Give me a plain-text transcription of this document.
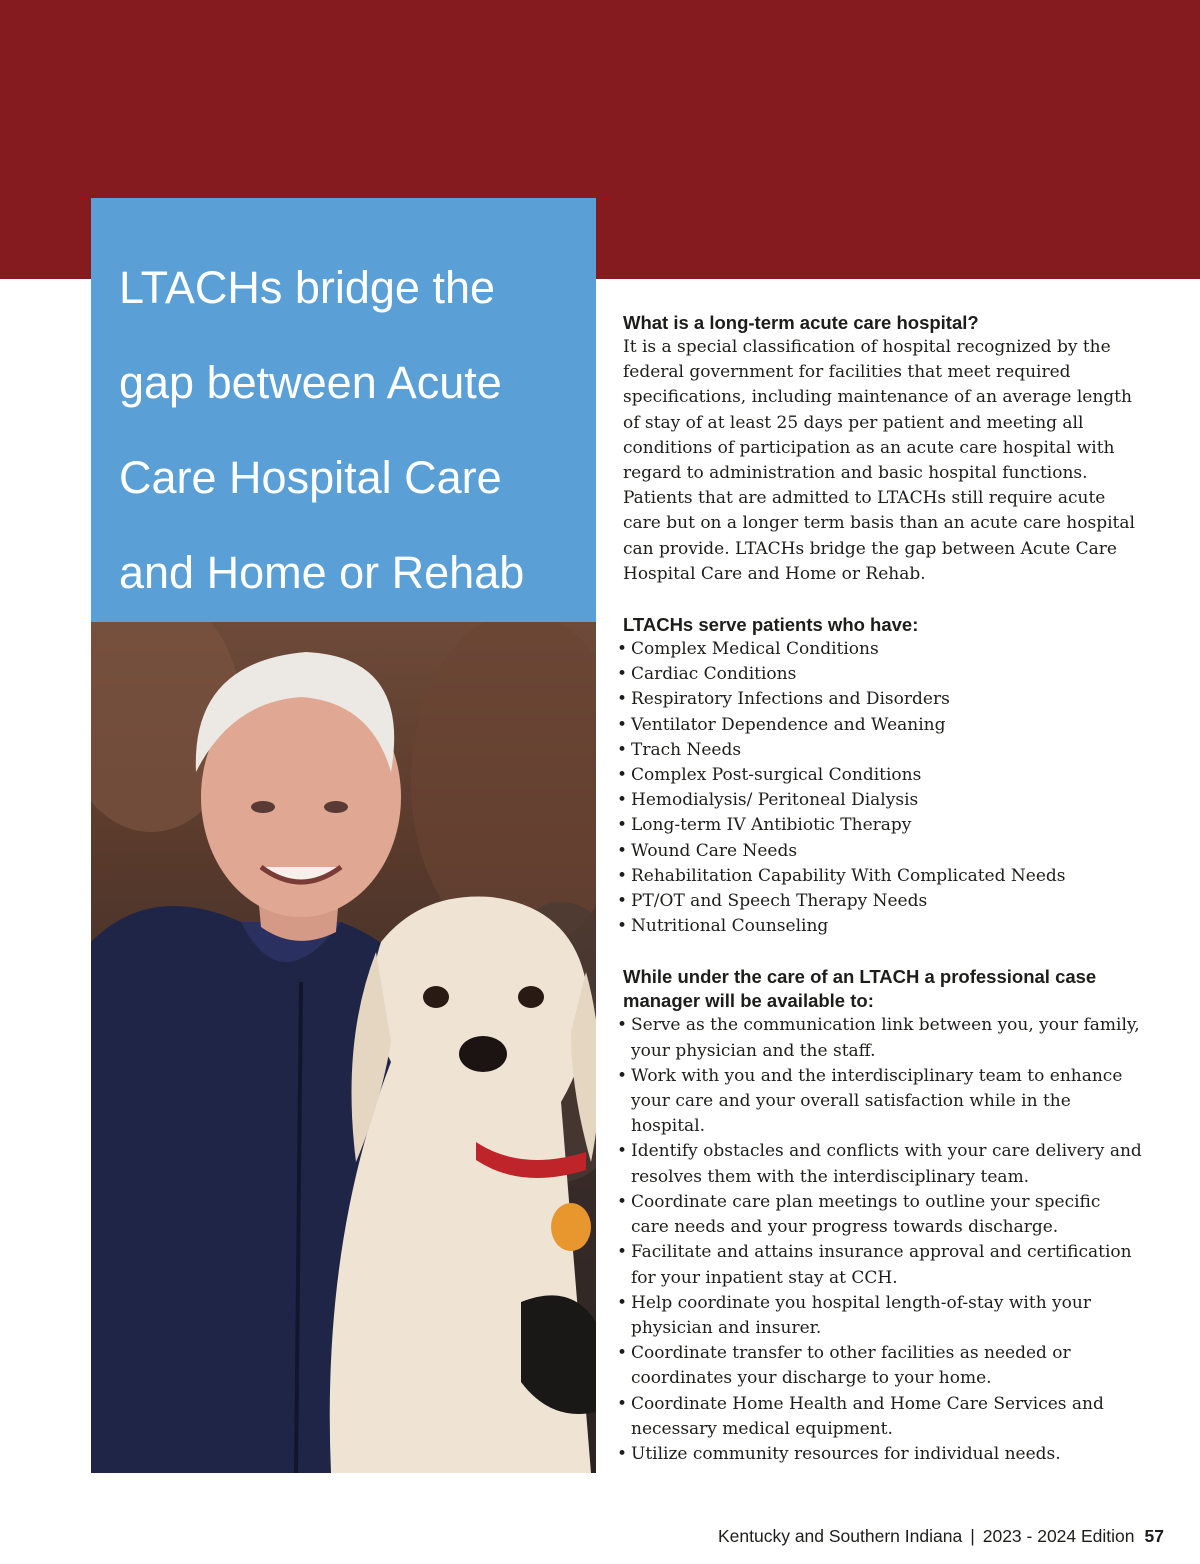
LTACHs bridge the gap between Acute Care Hospital Care and Home or Rehab
What is a long-term acute care hospital?

It is a special classification of hospital recognized by the federal government for facilities that meet required specifications, including maintenance of an average length of stay of at least 25 days per patient and meeting all conditions of participation as an acute care hospital with regard to administration and basic hospital functions. Patients that are admitted to LTACHs still require acute care but on a longer term basis than an acute care hospital can provide. LTACHs bridge the gap between Acute Care Hospital Care and Home or Rehab.

LTACHs serve patients who have:
• Complex Medical Conditions
• Cardiac Conditions
• Respiratory Infections and Disorders
• Ventilator Dependence and Weaning
• Trach Needs
• Complex Post-surgical Conditions
• Hemodialysis/ Peritoneal Dialysis
• Long-term IV Antibiotic Therapy
• Wound Care Needs
• Rehabilitation Capability With Complicated Needs
• PT/OT and Speech Therapy Needs
• Nutritional Counseling
While under the care of an LTACH a professional case manager will be available to:
• Serve as the communication link between you, your family, your physician and the staff.
• Work with you and the interdisciplinary team to enhance your care and your overall satisfaction while in the hospital.
• Identify obstacles and conflicts with your care delivery and resolves them with the interdisciplinary team.
• Coordinate care plan meetings to outline your specific care needs and your progress towards discharge.
• Facilitate and attains insurance approval and certification for your inpatient stay at CCH.
• Help coordinate you hospital length-of-stay with your physician and insurer.
• Coordinate transfer to other facilities as needed or coordinates your discharge to your home.
• Coordinate Home Health and Home Care Services and necessary medical equipment.
• Utilize community resources for individual needs.
Kentucky and Southern Indiana | 2023 - 2024 Edition 57
